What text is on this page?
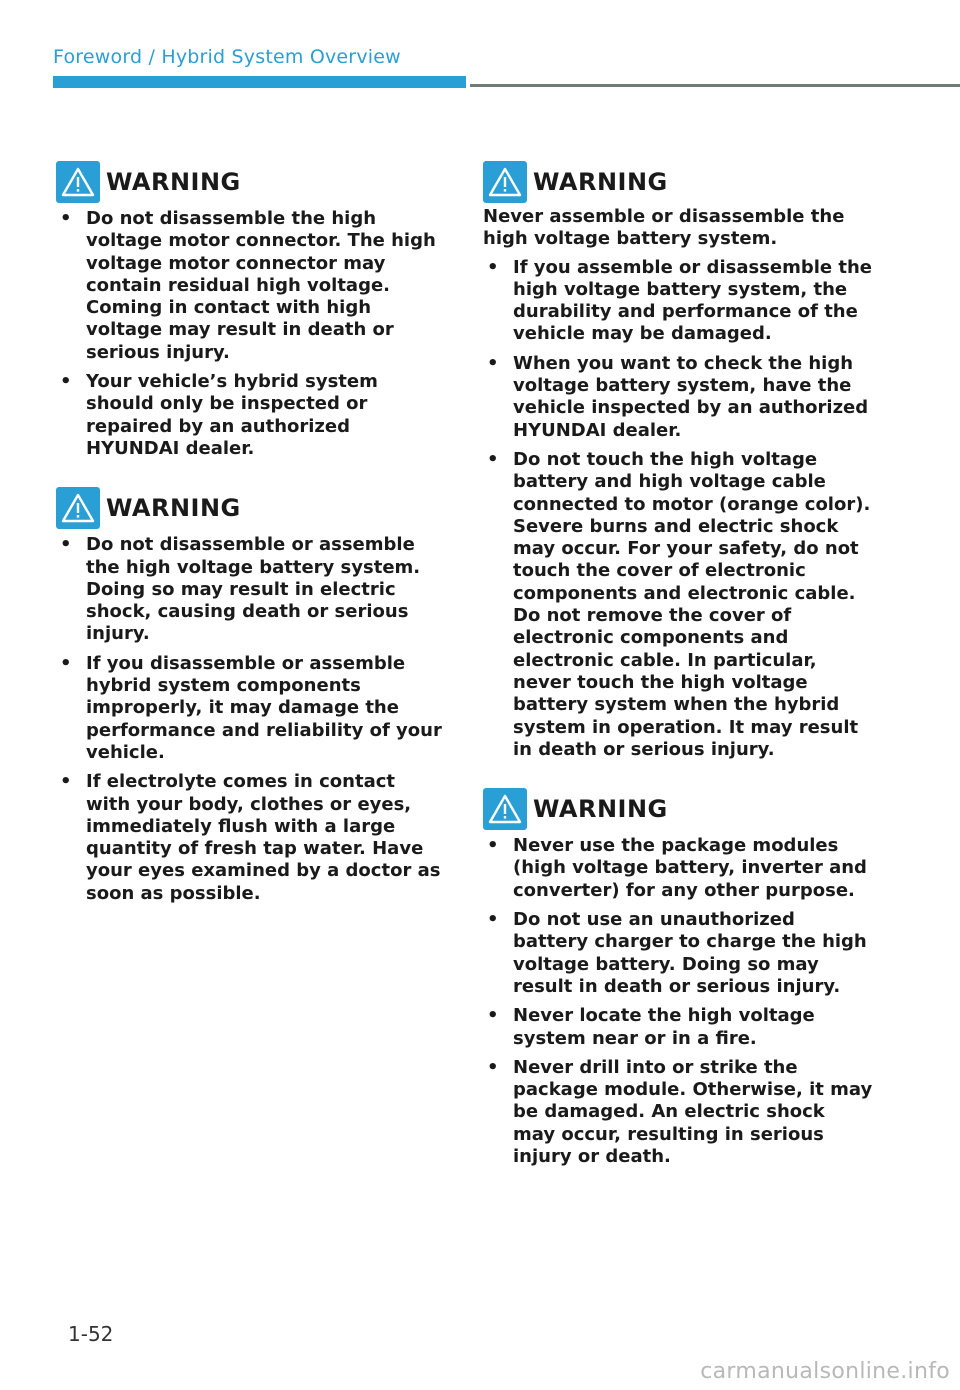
Foreword / Hybrid System Overview
WARNING
• Do not disassemble the high voltage motor connector. The high voltage motor connector may contain residual high voltage. Coming in contact with high voltage may result in death or serious injury.
• Your vehicle’s hybrid system should only be inspected or repaired by an authorized HYUNDAI dealer.
WARNING
• Do not disassemble or assemble the high voltage battery system. Doing so may result in electric shock, causing death or serious injury.
• If you disassemble or assemble hybrid system components improperly, it may damage the performance and reliability of your vehicle.
• If electrolyte comes in contact with your body, clothes or eyes, immediately flush with a large quantity of fresh tap water. Have your eyes examined by a doctor as soon as possible.
WARNING
Never assemble or disassemble the high voltage battery system.
• If you assemble or disassemble the high voltage battery system, the durability and performance of the vehicle may be damaged.
• When you want to check the high voltage battery system, have the vehicle inspected by an authorized HYUNDAI dealer.
• Do not touch the high voltage battery and high voltage cable connected to motor (orange color). Severe burns and electric shock may occur. For your safety, do not touch the cover of electronic components and electronic cable. Do not remove the cover of electronic components and electronic cable. In particular, never touch the high voltage battery system when the hybrid system in operation. It may result in death or serious injury.
WARNING
• Never use the package modules (high voltage battery, inverter and converter) for any other purpose.
• Do not use an unauthorized battery charger to charge the high voltage battery. Doing so may result in death or serious injury.
• Never locate the high voltage system near or in a fire.
• Never drill into or strike the package module. Otherwise, it may be damaged. An electric shock may occur, resulting in serious injury or death.
1-52
carmanualsonline.info
